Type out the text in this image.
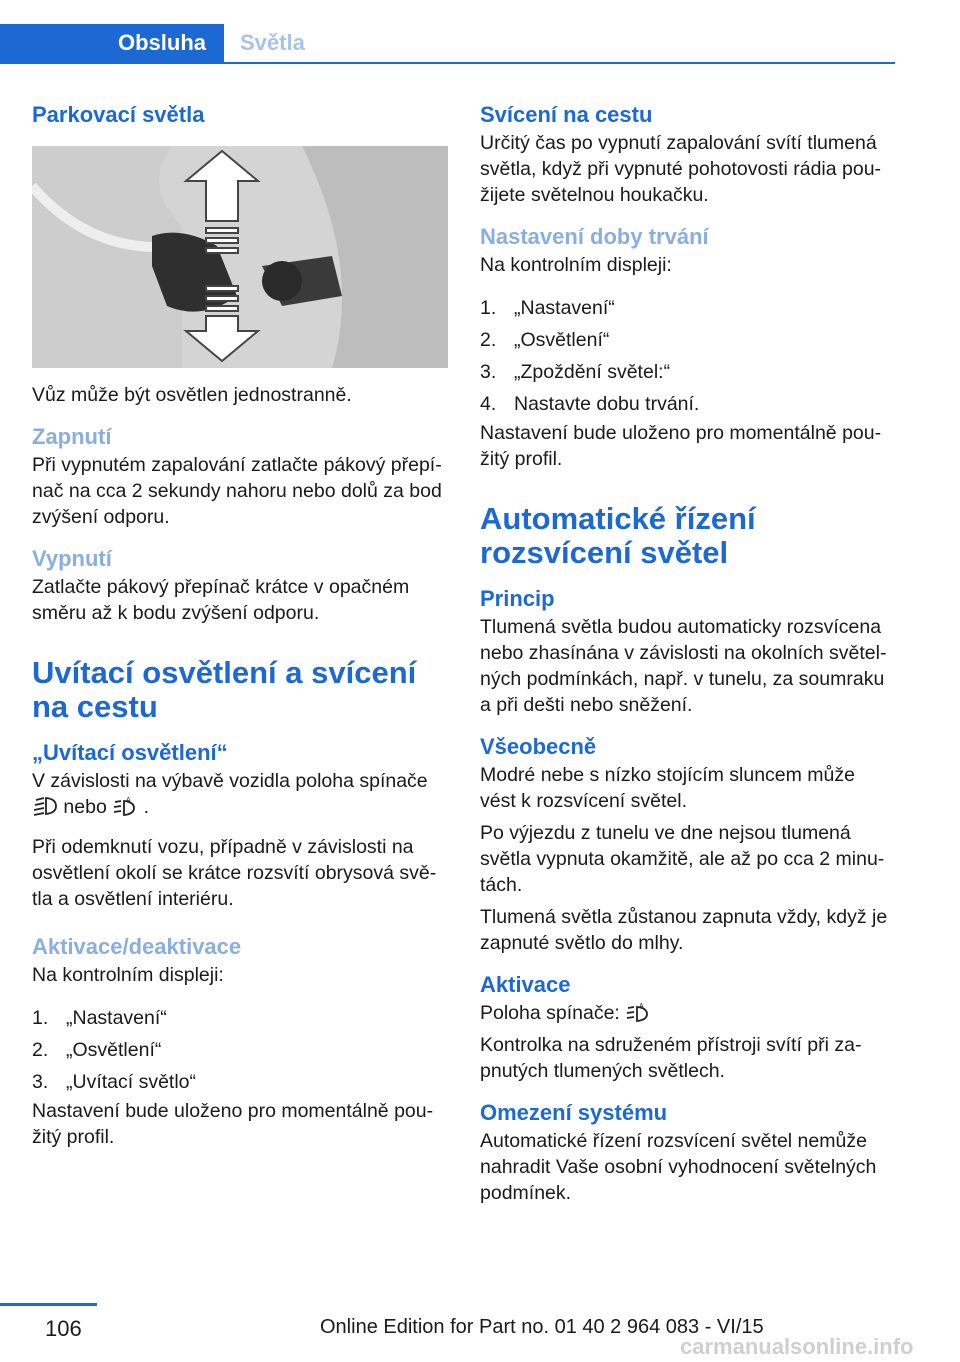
Obsluha	Světla
Parkovací světla

Vůz může být osvětlen jednostranně.

Zapnutí

Při vypnutém zapalování zatlačte pákový přepí‐nač na cca 2 sekundy nahoru nebo dolů za bod zvýšení odporu.

Vypnutí

Zatlačte pákový přepínač krátce v opačném směru až k bodu zvýšení odporu.

Uvítací osvětlení a svícení na cestu
„Uvítací osvětlení“

V závislosti na výbavě vozidla poloha spínače
nebo	A .

Při odemknutí vozu, případně v závislosti na osvětlení okolí se krátce rozsvítí obrysová svě‐tla a osvětlení interiéru.

Aktivace/deaktivace

Na kontrolním displeji:

1. „Nastavení“
2. „Osvětlení“
3. „Uvítací světlo“

Nastavení bude uloženo pro momentálně pou‐žitý profil.

Svícení na cestu

Určitý čas po vypnutí zapalování svítí tlumená světla, když při vypnuté pohotovosti rádia pou‐žijete světelnou houkačku.

Nastavení doby trvání

Na kontrolním displeji:

1. „Nastavení“
2. „Osvětlení“
3. „Zpoždění světel:“
4. Nastavte dobu trvání.

Nastavení bude uloženo pro momentálně pou‐žitý profil.

Automatické řízení rozsvícení světel
Princip

Tlumená světla budou automaticky rozsvícena nebo zhasínána v závislosti na okolních světel‐ných podmínkách, např. v tunelu, za soumraku a při dešti nebo sněžení.

Všeobecně

Modré nebe s nízko stojícím sluncem může vést k rozsvícení světel.

Po výjezdu z tunelu ve dne nejsou tlumená světla vypnuta okamžitě, ale až po cca 2 minu‐tách.

Tlumená světla zůstanou zapnuta vždy, když je zapnuté světlo do mlhy.

Aktivace

Poloha spínače:	A

Kontrolka na sdruženém přístroji svítí při za‐pnutých tlumených světlech.

Omezení systému

Automatické řízení rozsvícení světel nemůže nahradit Vaše osobní vyhodnocení světelných podmínek.

106	Online Edition for Part no. 01 40 2 964 083 - VI/15
carmanualsonline.info
